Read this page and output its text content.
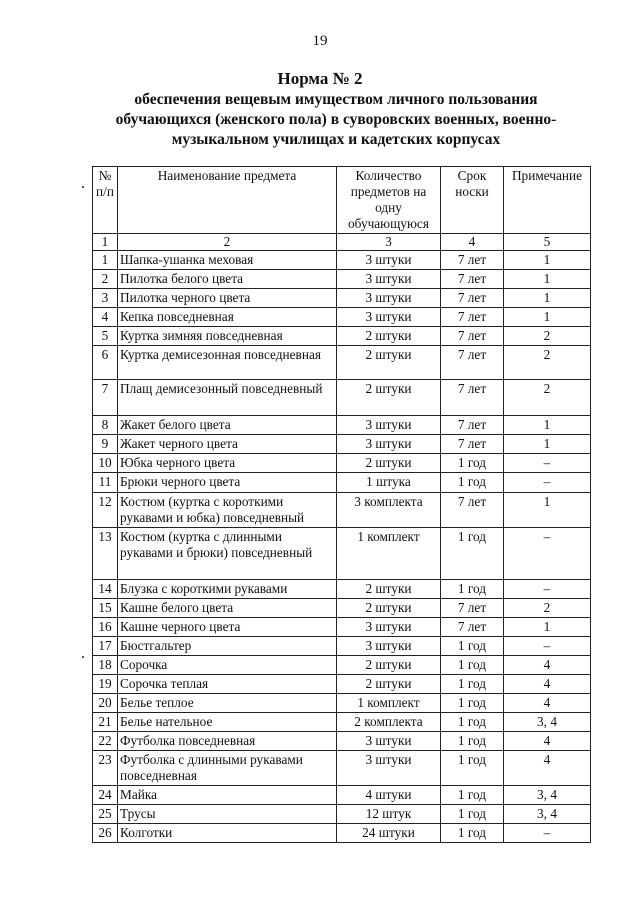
19
Норма № 2
обеспечения вещевым имуществом личного пользования обучающихся (женского пола) в суворовских военных, военно-музыкальном училищах и кадетских корпусах
№ п/п	Наименование предмета	Количество предметов на одну обучающуюся	Срок носки	Примечание
1	2	3	4	5
1	Шапка-ушанка меховая	3 штуки	7 лет	1
2	Пилотка белого цвета	3 штуки	7 лет	1
3	Пилотка черного цвета	3 штуки	7 лет	1
4	Кепка повседневная	3 штуки	7 лет	1
5	Куртка зимняя повседневная	2 штуки	7 лет	2
6	Куртка демисезонная повседневная	2 штуки	7 лет	2
7	Плащ демисезонный повседневный	2 штуки	7 лет	2
8	Жакет белого цвета	3 штуки	7 лет	1
9	Жакет черного цвета	3 штуки	7 лет	1
10	Юбка черного цвета	2 штуки	1 год	–
11	Брюки черного цвета	1 штука	1 год	–
12	Костюм (куртка с короткими рукавами и юбка) повседневный	3 комплекта	7 лет	1
13	Костюм (куртка с длинными рукавами и брюки) повседневный	1 комплект	1 год	–
14	Блузка с короткими рукавами	2 штуки	1 год	–
15	Кашне белого цвета	2 штуки	7 лет	2
16	Кашне черного цвета	3 штуки	7 лет	1
17	Бюстгальтер	3 штуки	1 год	–
18	Сорочка	2 штуки	1 год	4
19	Сорочка теплая	2 штуки	1 год	4
20	Белье теплое	1 комплект	1 год	4
21	Белье нательное	2 комплекта	1 год	3, 4
22	Футболка повседневная	3 штуки	1 год	4
23	Футболка с длинными рукавами повседневная	3 штуки	1 год	4
24	Майка	4 штуки	1 год	3, 4
25	Трусы	12 штук	1 год	3, 4
26	Колготки	24 штуки	1 год	–
